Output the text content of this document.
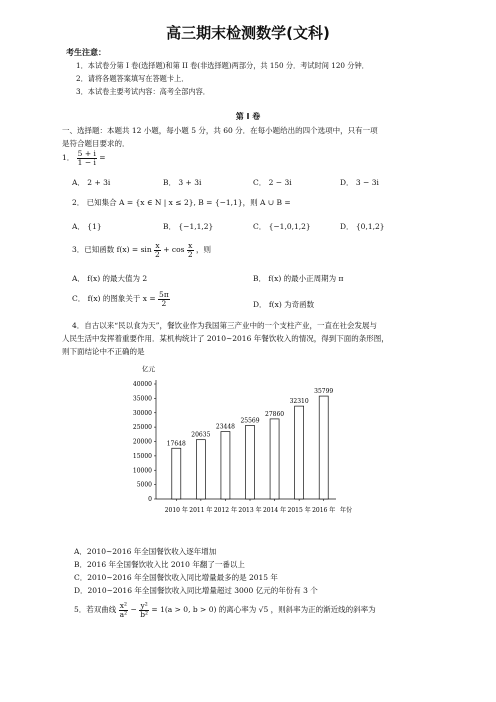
高三期末检测数学(文科)
考生注意：
1．本试卷分第 I 卷(选择题)和第 II 卷(非选择题)两部分，共 150 分．考试时间 120 分钟．
2．请将各题答案填写在答题卡上．
3．本试卷主要考试内容：高考全部内容．
第 I 卷
一、选择题：本题共 12 小题，每小题 5 分，共 60 分．在每小题给出的四个选项中，只有一项
是符合题目要求的．
1． $\frac{5 + i}{1 - i}$ =
A． 2 + 3i	B． 3 + 3i	C． 2 − 3i	D． 3 − 3i
2． 已知集合 A = {x ∈ N | x ≤ 2}, B = {−1,1}，则 A ∪ B =
A． {1}	B． {−1,1,2}	C． {−1,0,1,2}	D． {0,1,2}
3．已知函数 $f(x) = \sin \frac{x}{2} + \cos \frac{x}{2}$ ，则
A． f(x) 的最大值为 2	B． f(x) 的最小正周期为 π
C． f(x) 的图象关于 $x = \frac{5\pi}{2}$	D． f(x) 为奇函数
4．自古以来“民以食为天”，餐饮业作为我国第三产业中的一个支柱产业，一直在社会发展与
人民生活中发挥着重要作用．某机构统计了 2010~2016 年餐饮收入的情况，得到下面的条形图，
则下面结论中不正确的是
亿元
0
5000
10000
15000
20000
25000
30000
35000
40000
17648
20635
23448
25569
27860
32310
35799
2010 年 2011 年 2012 年 2013 年 2014 年 2015 年 2016 年 年份
A．2010~2016 年全国餐饮收入逐年增加
B．2016 年全国餐饮收入比 2010 年翻了一番以上
C．2010~2016 年全国餐饮收入同比增量最多的是 2015 年
D．2010~2016 年全国餐饮收入同比增量超过 3000 亿元的年份有 3 个
5．若双曲线 $\frac{\text{x²}}{\text{a²}} - \frac{\text{y²}}{\text{b²}} = 1(a > 0$, b > 0) 的离心率为 √5 ，则斜率为正的渐近线的斜率为
